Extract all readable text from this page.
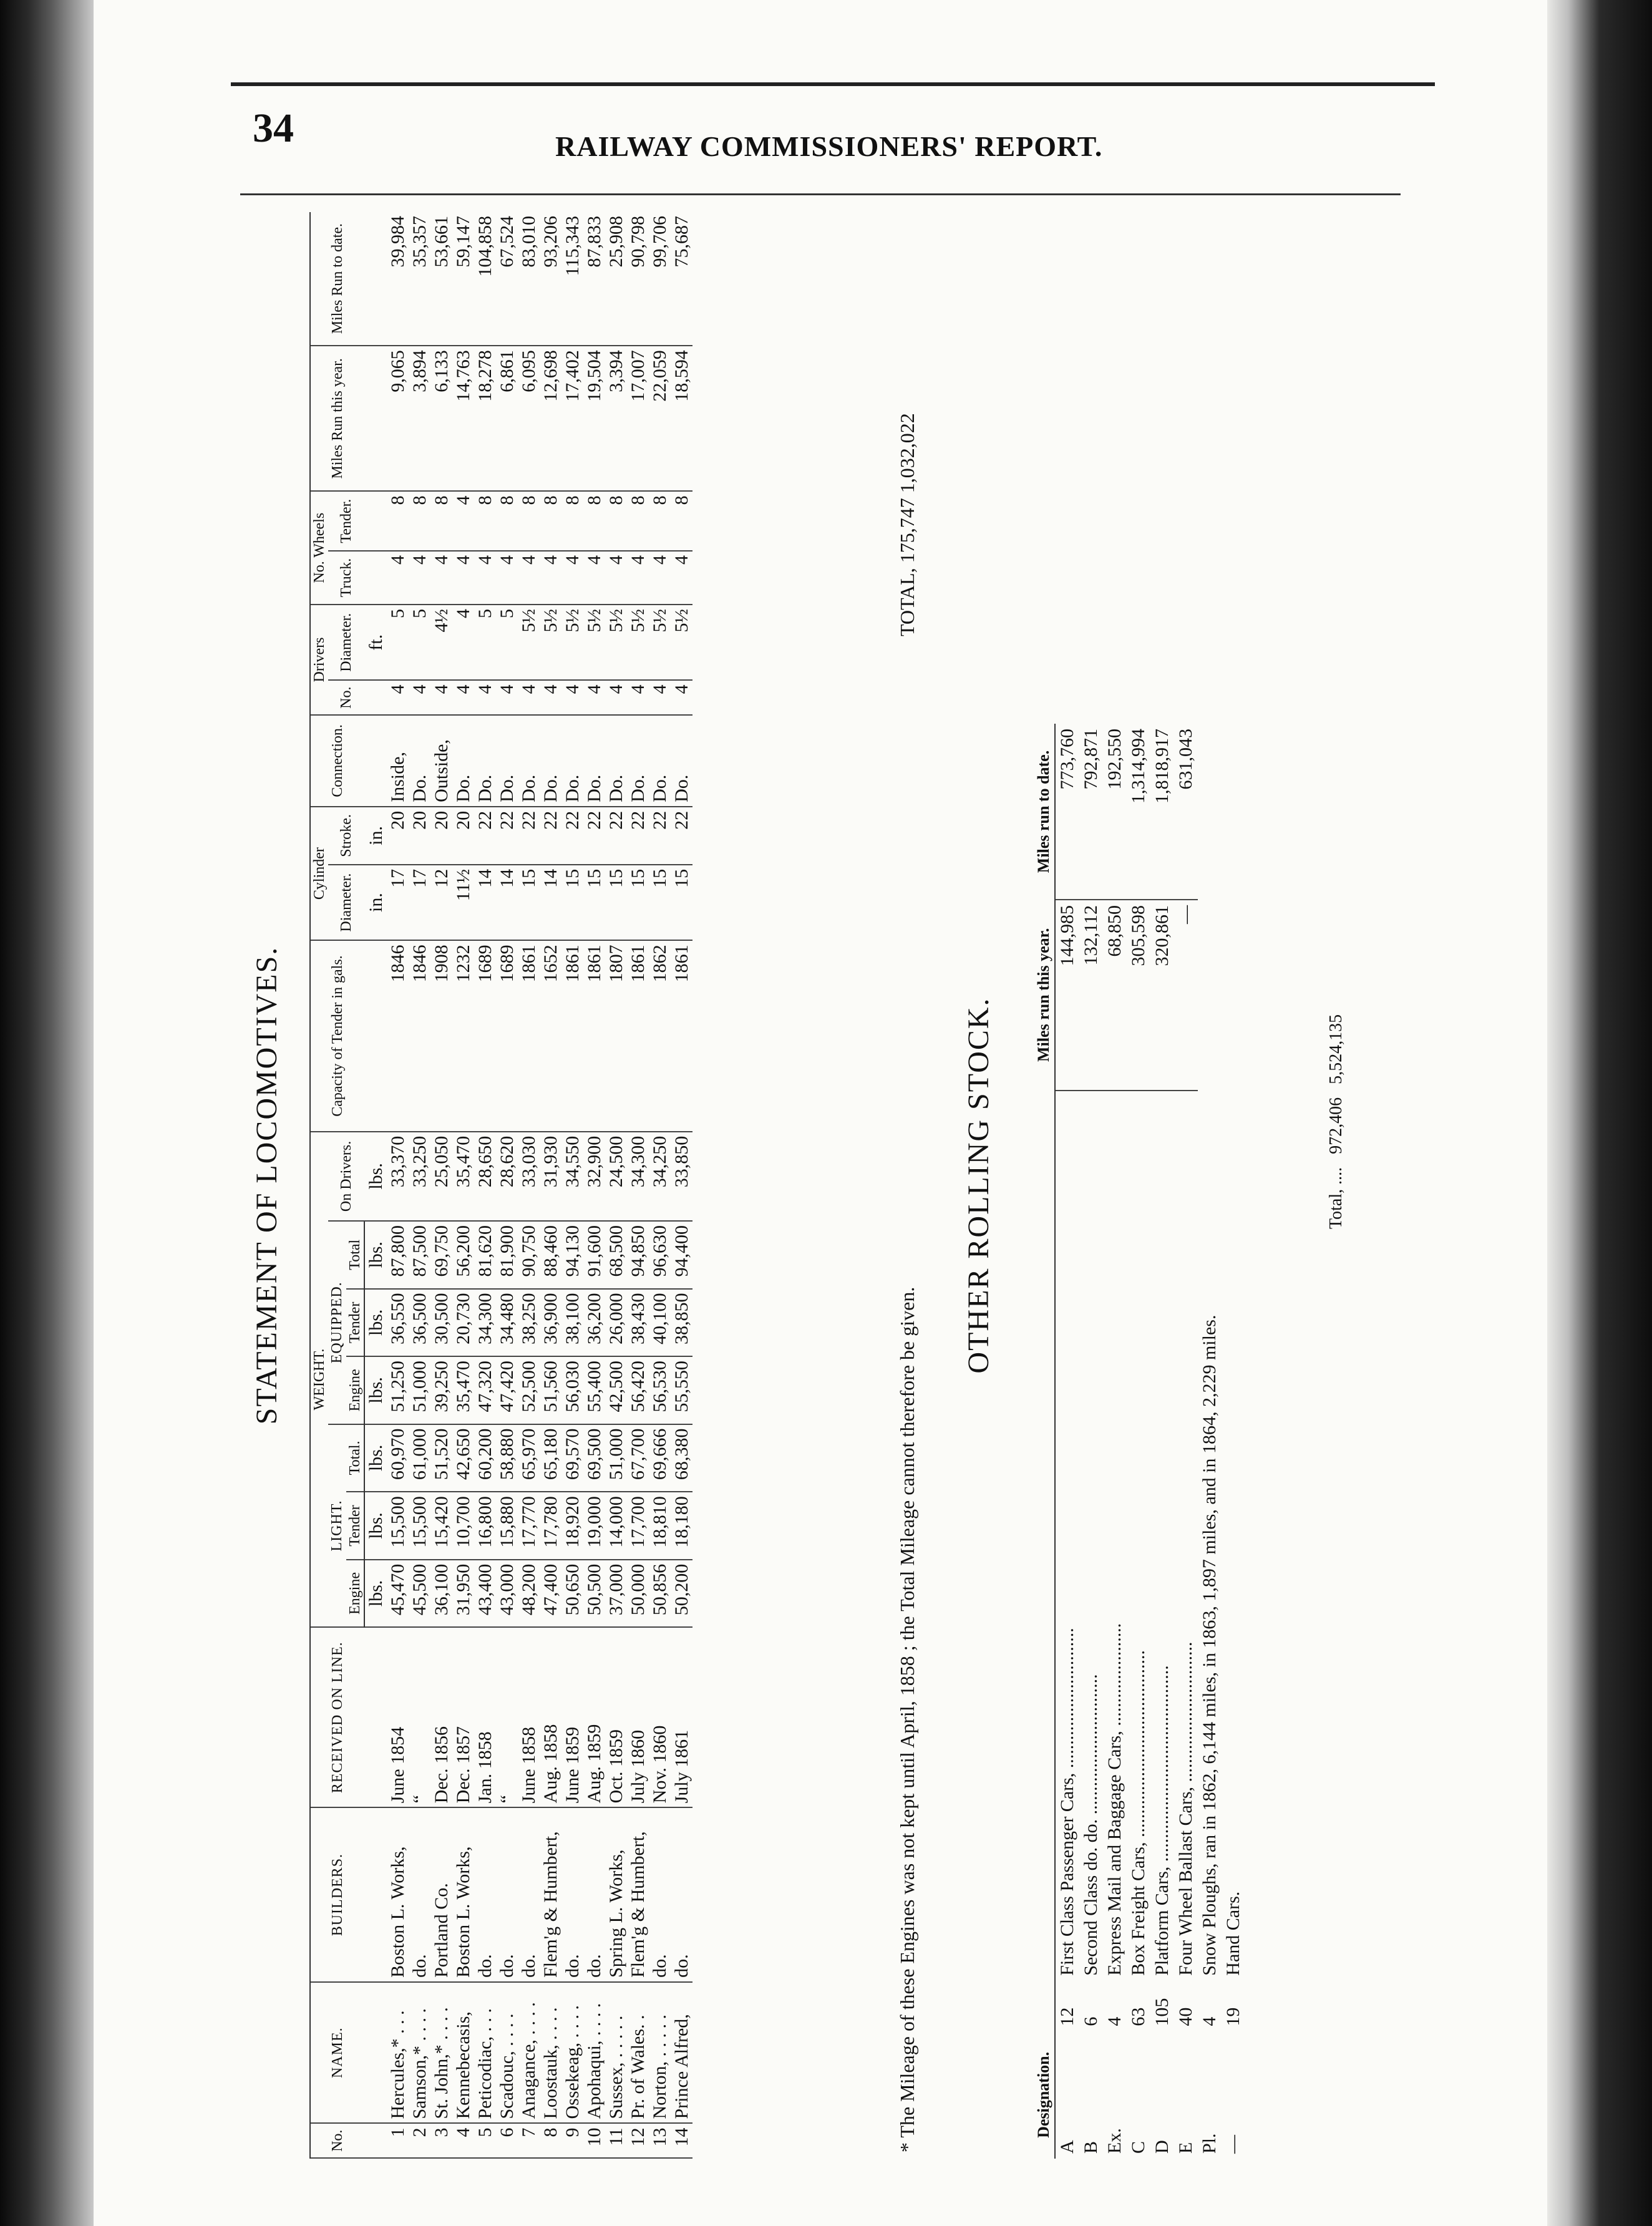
34	RAILWAY COMMISSIONERS' REPORT.
STATEMENT OF LOCOMOTIVES.
No.	NAME.	BUILDERS.	RECEIVED ON LINE.	WEIGHT.							Capacity of Tender in gals.	Cylinder		Connection.	Drivers		No. Wheels		Miles Run this year.	Miles Run to date.
				LIGHT.			EQUIPPED.			On Drivers.		Diameter.	Stroke.		No.	Diameter.	Truck.	Tender.		
				Engine	Tender	Total.	Engine	Tender	Total											
				lbs.	lbs.	lbs.	lbs.	lbs.	lbs.	lbs.		in.	in.			ft.				
1	Hercules,* . . .	Boston L. Works,	June 1854	45,470	15,500	60,970	51,250	36,550	87,800	33,370	1846	17	20	Inside,	4	5	4	8	9,065	39,984
2	Samson,* . . . .	do.	“	45,500	15,500	61,000	51,000	36,500	87,500	33,250	1846	17	20	Do.	4	5	4	8	3,894	35,357
3	St. John,* . . . .	Portland Co.	Dec. 1856	36,100	15,420	51,520	39,250	30,500	69,750	25,050	1908	12	20	Outside,	4	4½	4	8	6,133	53,661
4	Kennebecasis,	Boston L. Works,	Dec. 1857	31,950	10,700	42,650	35,470	20,730	56,200	35,470	1232	11½	20	Do.	4	4	4	4	14,763	59,147
5	Peticodiac, . . .	do.	Jan. 1858	43,400	16,800	60,200	47,320	34,300	81,620	28,650	1689	14	22	Do.	4	5	4	8	18,278	104,858
6	Scadouc, . . . .	do.	“	43,000	15,880	58,880	47,420	34,480	81,900	28,620	1689	14	22	Do.	4	5	4	8	6,861	67,524
7	Anagance, . . . .	do.	June 1858	48,200	17,770	65,970	52,500	38,250	90,750	33,030	1861	15	22	Do.	4	5½	4	8	6,095	83,010
8	Loostauk, . . . .	Flem'g & Humbert,	Aug. 1858	47,400	17,780	65,180	51,560	36,900	88,460	31,930	1652	14	22	Do.	4	5½	4	8	12,698	93,206
9	Ossekeag, . . . .	do.	June 1859	50,650	18,920	69,570	56,030	38,100	94,130	34,550	1861	15	22	Do.	4	5½	4	8	17,402	115,343
10	Apohaqui, . . . .	do.	Aug. 1859	50,500	19,000	69,500	55,400	36,200	91,600	32,900	1861	15	22	Do.	4	5½	4	8	19,504	87,833
11	Sussex, . . . . .	Spring L. Works,	Oct. 1859	37,000	14,000	51,000	42,500	26,000	68,500	24,500	1807	15	22	Do.	4	5½	4	8	3,394	25,908
12	Pr. of Wales. .	Flem'g & Humbert,	July 1860	50,000	17,700	67,700	56,420	38,430	94,850	34,300	1861	15	22	Do.	4	5½	4	8	17,007	90,798
13	Norton, . . . . .	do.	Nov. 1860	50,856	18,810	69,666	56,530	40,100	96,630	34,250	1862	15	22	Do.	4	5½	4	8	22,059	99,706
14	Prince Alfred,	do.	July 1861	50,200	18,180	68,380	55,550	38,850	94,400	33,850	1861	15	22	Do.	4	5½	4	8	18,594	75,687
* The Mileage of these Engines was not kept until April, 1858 ; the Total Mileage cannot therefore be given.
TOTAL, 175,747 1,032,022
OTHER ROLLING STOCK.
Designation.			Miles run this year.	Miles run to date.
A	12	First Class Passenger Cars, ..............................	144,985	773,760
B	6	Second Class do. do. ..............................	132,112	792,871
Ex.	4	Express Mail and Baggage Cars, ......................	68,850	192,550
C	63	Box Freight Cars, ........................................	305,598	1,314,994
D	105	Platform Cars, ..........................................	320,861	1,818,917
E	40	Four Wheel Ballast Cars, ..............................	—	631,043
Pl.	4	Snow Ploughs, ran in 1862, 6,144 miles, in 1863, 1,897 miles, and in 1864, 2,229 miles.		
—	19	Hand Cars.		
Total, ....   972,406   5,524,135
